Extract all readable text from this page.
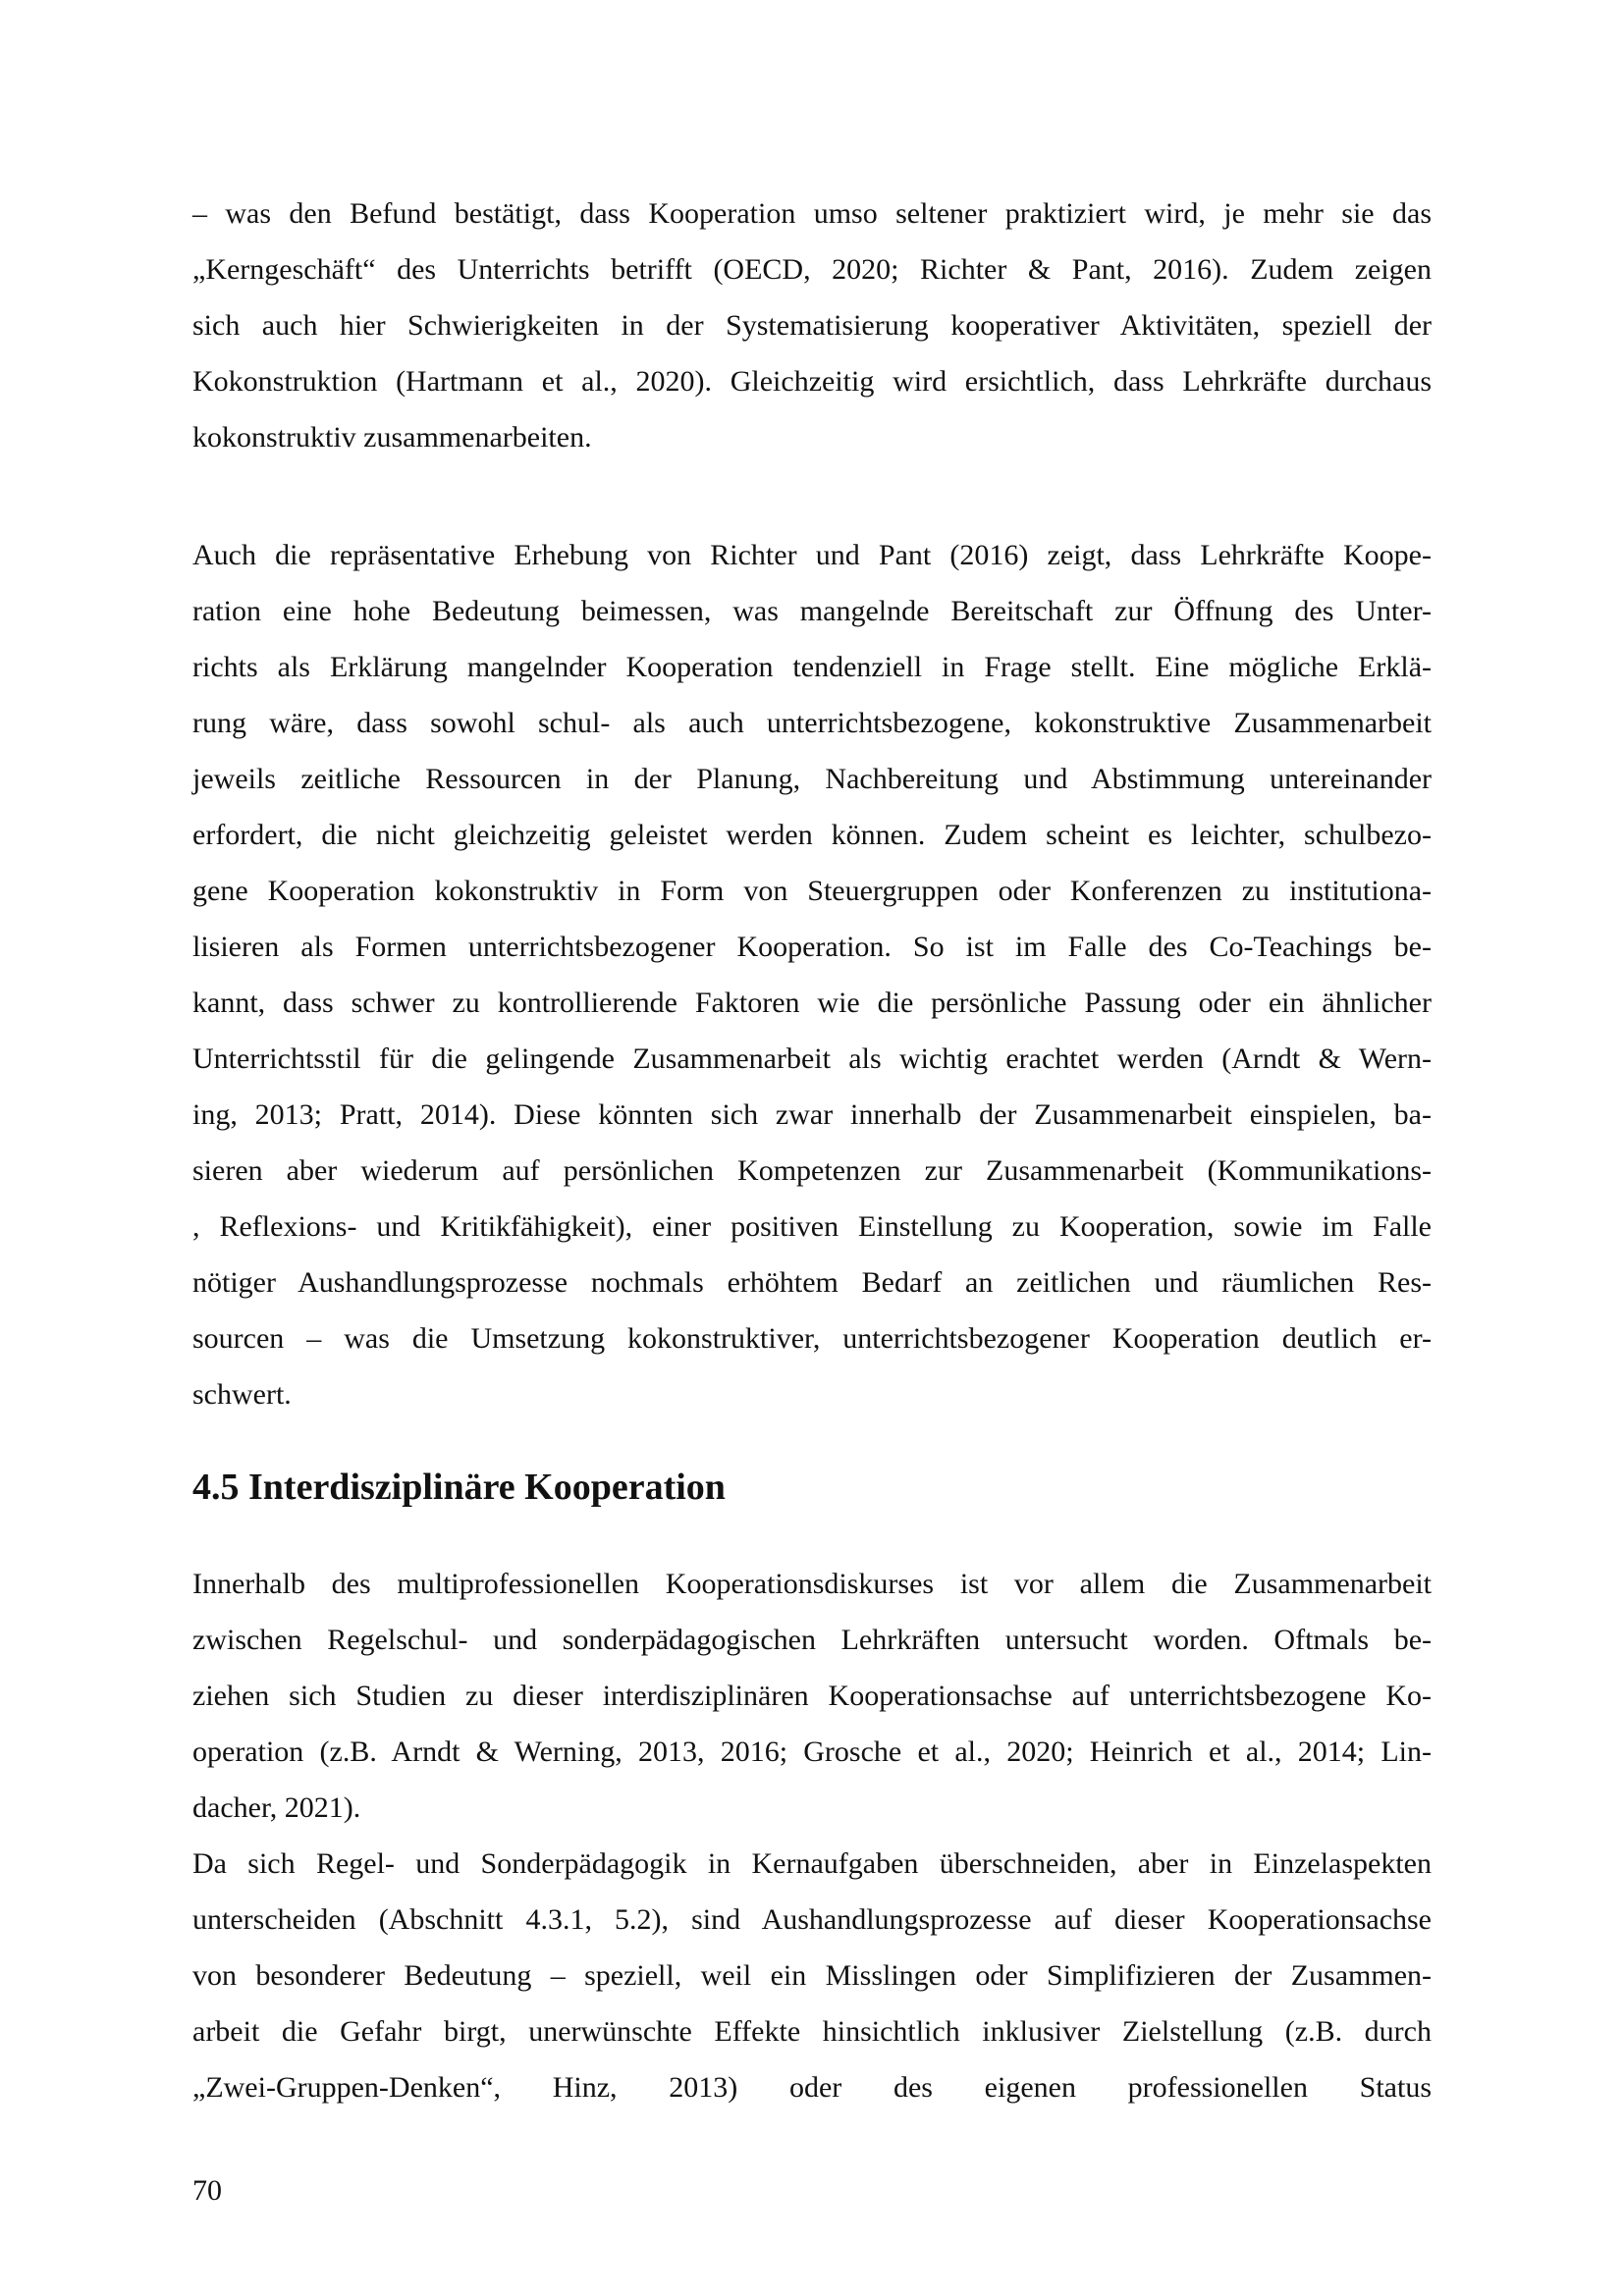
– was den Befund bestätigt, dass Kooperation umso seltener praktiziert wird, je mehr sie das
„Kerngeschäft“ des Unterrichts betrifft (OECD, 2020; Richter & Pant, 2016). Zudem zeigen
sich auch hier Schwierigkeiten in der Systematisierung kooperativer Aktivitäten, speziell der
Kokonstruktion (Hartmann et al., 2020). Gleichzeitig wird ersichtlich, dass Lehrkräfte durchaus
kokonstruktiv zusammenarbeiten.
Auch die repräsentative Erhebung von Richter und Pant (2016) zeigt, dass Lehrkräfte Koope-
ration eine hohe Bedeutung beimessen, was mangelnde Bereitschaft zur Öffnung des Unter-
richts als Erklärung mangelnder Kooperation tendenziell in Frage stellt. Eine mögliche Erklä-
rung wäre, dass sowohl schul- als auch unterrichtsbezogene, kokonstruktive Zusammenarbeit
jeweils zeitliche Ressourcen in der Planung, Nachbereitung und Abstimmung untereinander
erfordert, die nicht gleichzeitig geleistet werden können. Zudem scheint es leichter, schulbezo-
gene Kooperation kokonstruktiv in Form von Steuergruppen oder Konferenzen zu institutiona-
lisieren als Formen unterrichtsbezogener Kooperation. So ist im Falle des Co-Teachings be-
kannt, dass schwer zu kontrollierende Faktoren wie die persönliche Passung oder ein ähnlicher
Unterrichtsstil für die gelingende Zusammenarbeit als wichtig erachtet werden (Arndt & Wern-
ing, 2013; Pratt, 2014). Diese könnten sich zwar innerhalb der Zusammenarbeit einspielen, ba-
sieren aber wiederum auf persönlichen Kompetenzen zur Zusammenarbeit (Kommunikations-
, Reflexions- und Kritikfähigkeit), einer positiven Einstellung zu Kooperation, sowie im Falle
nötiger Aushandlungsprozesse nochmals erhöhtem Bedarf an zeitlichen und räumlichen Res-
sourcen – was die Umsetzung kokonstruktiver, unterrichtsbezogener Kooperation deutlich er-
schwert.
4.5 Interdisziplinäre Kooperation
Innerhalb des multiprofessionellen Kooperationsdiskurses ist vor allem die Zusammenarbeit
zwischen Regelschul- und sonderpädagogischen Lehrkräften untersucht worden. Oftmals be-
ziehen sich Studien zu dieser interdisziplinären Kooperationsachse auf unterrichtsbezogene Ko-
operation (z.B. Arndt & Werning, 2013, 2016; Grosche et al., 2020; Heinrich et al., 2014; Lin-
dacher, 2021).
Da sich Regel- und Sonderpädagogik in Kernaufgaben überschneiden, aber in Einzelaspekten
unterscheiden (Abschnitt 4.3.1, 5.2), sind Aushandlungsprozesse auf dieser Kooperationsachse
von besonderer Bedeutung – speziell, weil ein Misslingen oder Simplifizieren der Zusammen-
arbeit die Gefahr birgt, unerwünschte Effekte hinsichtlich inklusiver Zielstellung (z.B. durch
„Zwei-Gruppen-Denken“, Hinz, 2013) oder des eigenen professionellen Status
70
